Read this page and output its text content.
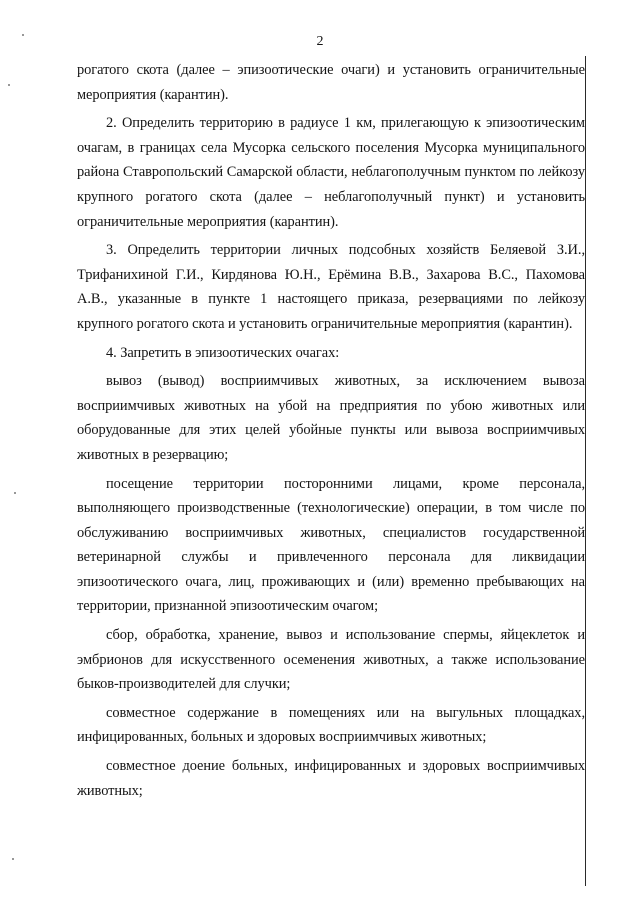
2

рогатого скота (далее – эпизоотические очаги) и установить ограничительные мероприятия (карантин).

2. Определить территорию в радиусе 1 км, прилегающую к эпизоотическим очагам, в границах села Мусорка сельского поселения Мусорка муниципального района Ставропольский Самарской области, неблагополучным пунктом по лейкозу крупного рогатого скота (далее – неблагополучный пункт) и установить ограничительные мероприятия (карантин).

3. Определить территории личных подсобных хозяйств Беляевой З.И., Трифанихиной Г.И., Кирдянова Ю.Н., Ерёмина В.В., Захарова В.С., Пахомова А.В., указанные в пункте 1 настоящего приказа, резервациями по лейкозу крупного рогатого скота и установить ограничительные мероприятия (карантин).

4. Запретить в эпизоотических очагах:

вывоз (вывод) восприимчивых животных, за исключением вывоза восприимчивых животных на убой на предприятия по убою животных или оборудованные для этих целей убойные пункты или вывоза восприимчивых животных в резервацию;

посещение территории посторонними лицами, кроме персонала, выполняющего производственные (технологические) операции, в том числе по обслуживанию восприимчивых животных, специалистов государственной ветеринарной службы и привлеченного персонала для ликвидации эпизоотического очага, лиц, проживающих и (или) временно пребывающих на территории, признанной эпизоотическим очагом;

сбор, обработка, хранение, вывоз и использование спермы, яйцеклеток и эмбрионов для искусственного осеменения животных, а также использование быков-производителей для случки;

совместное содержание в помещениях или на выгульных площадках, инфицированных, больных и здоровых восприимчивых животных;

совместное доение больных, инфицированных и здоровых восприимчивых животных;
